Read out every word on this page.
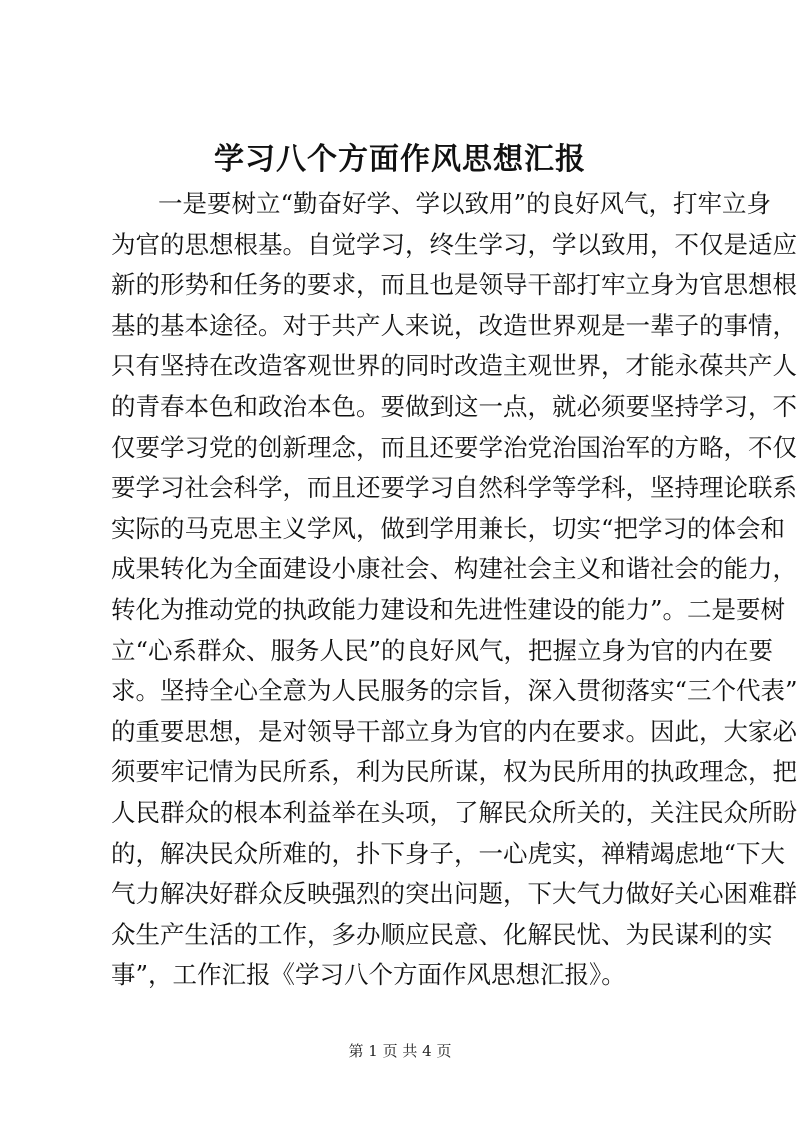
学习八个方面作风思想汇报
一是要树立“勤奋好学、学以致用”的良好风气，打牢立身
为官的思想根基。自觉学习，终生学习，学以致用，不仅是适应
新的形势和任务的要求，而且也是领导干部打牢立身为官思想根
基的基本途径。对于共产人来说，改造世界观是一辈子的事情，
只有坚持在改造客观世界的同时改造主观世界，才能永葆共产人
的青春本色和政治本色。要做到这一点，就必须要坚持学习，不
仅要学习党的创新理念，而且还要学治党治国治军的方略，不仅
要学习社会科学，而且还要学习自然科学等学科，坚持理论联系
实际的马克思主义学风，做到学用兼长，切实“把学习的体会和
成果转化为全面建设小康社会、构建社会主义和谐社会的能力，
转化为推动党的执政能力建设和先进性建设的能力”。二是要树
立“心系群众、服务人民”的良好风气，把握立身为官的内在要
求。坚持全心全意为人民服务的宗旨，深入贯彻落实“三个代表”
的重要思想，是对领导干部立身为官的内在要求。因此，大家必
须要牢记情为民所系，利为民所谋，权为民所用的执政理念，把
人民群众的根本利益举在头项，了解民众所关的，关注民众所盼
的，解决民众所难的，扑下身子，一心虎实，禅精竭虑地“下大
气力解决好群众反映强烈的突出问题，下大气力做好关心困难群
众生产生活的工作，多办顺应民意、化解民忧、为民谋利的实
事”，工作汇报《学习八个方面作风思想汇报》。
第 1 页 共 4 页
